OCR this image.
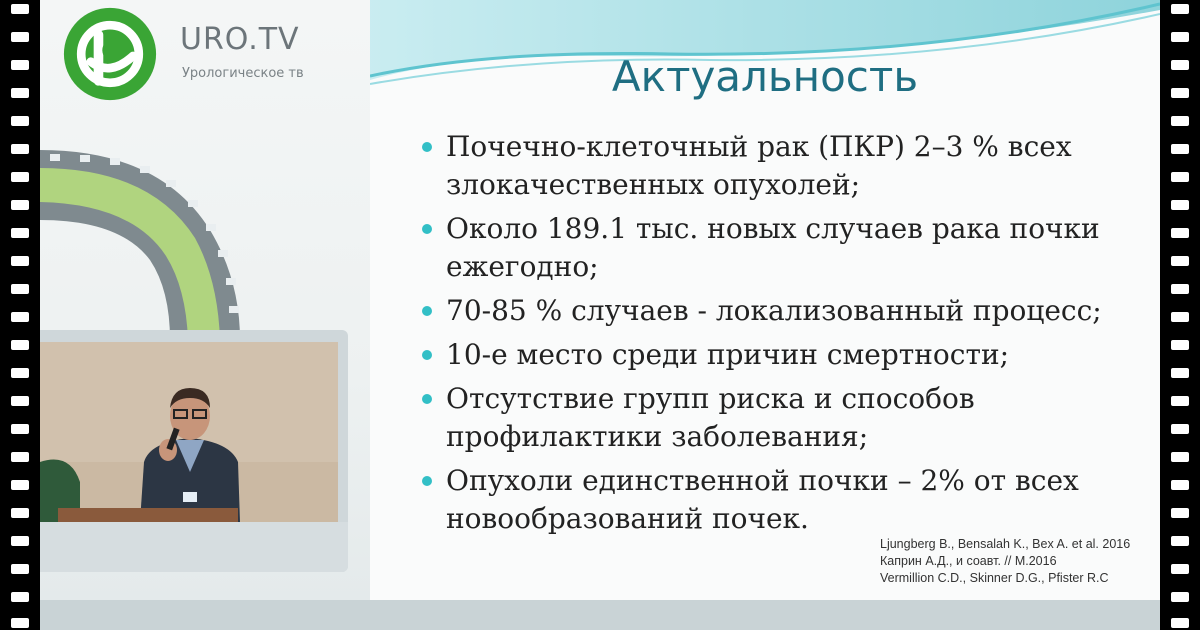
URO.TV
Урологическое тв	Актуальность
Почечно-клеточный рак (ПКР) 2–3 % всех злокачественных опухолей;
Около 189.1 тыс. новых случаев рака почки ежегодно;
70-85 % случаев - локализованный процесс;
10-е место среди причин смертности;
Отсутствие групп риска и способов профилактики заболевания;
Опухоли единственной почки – 2% от всех новообразований почек.
Ljungberg B., Bensalah K., Bex A. et al. 2016
Каприн А.Д., и соавт. // М.2016
Vermillion C.D., Skinner D.G., Pfister R.C
